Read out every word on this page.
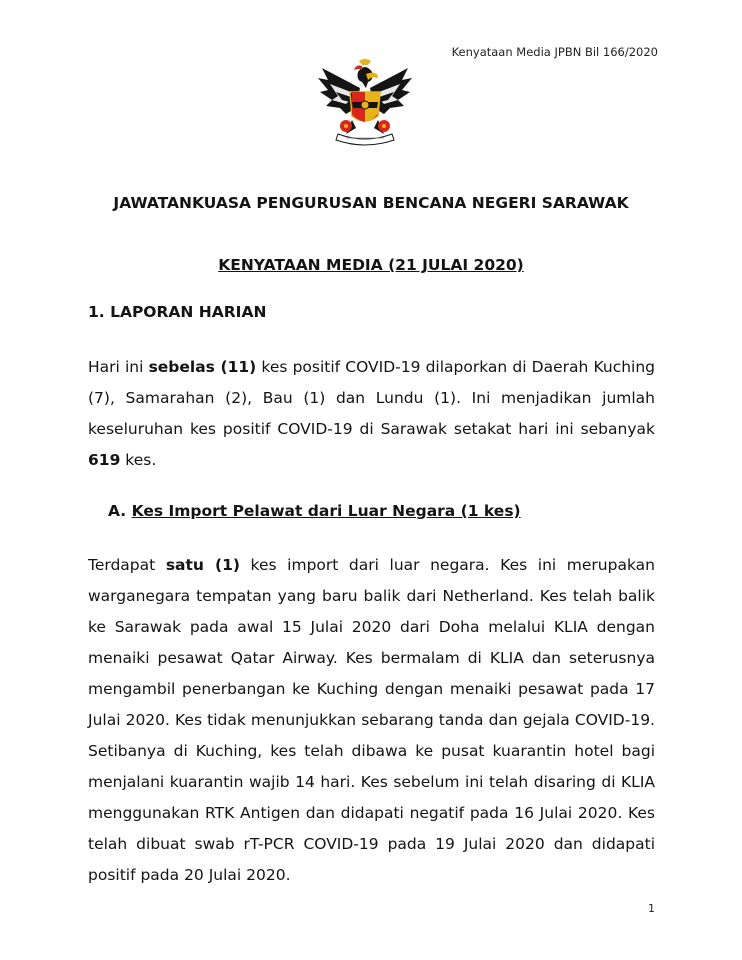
Kenyataan Media JPBN Bil 166/2020
JAWATANKUASA PENGURUSAN BENCANA NEGERI SARAWAK
KENYATAAN MEDIA (21 JULAI 2020)
1. LAPORAN HARIAN
Hari ini sebelas (11) kes positif COVID-19 dilaporkan di Daerah Kuching (7), Samarahan (2), Bau (1) dan Lundu (1). Ini menjadikan jumlah keseluruhan kes positif COVID-19 di Sarawak setakat hari ini sebanyak 619 kes.
A. Kes Import Pelawat dari Luar Negara (1 kes)
Terdapat satu (1) kes import dari luar negara. Kes ini merupakan warganegara tempatan yang baru balik dari Netherland. Kes telah balik ke Sarawak pada awal 15 Julai 2020 dari Doha melalui KLIA dengan menaiki pesawat Qatar Airway. Kes bermalam di KLIA dan seterusnya mengambil penerbangan ke Kuching dengan menaiki pesawat pada 17 Julai 2020. Kes tidak menunjukkan sebarang tanda dan gejala COVID-19. Setibanya di Kuching, kes telah dibawa ke pusat kuarantin hotel bagi menjalani kuarantin wajib 14 hari. Kes sebelum ini telah disaring di KLIA menggunakan RTK Antigen dan didapati negatif pada 16 Julai 2020. Kes telah dibuat swab rT-PCR COVID-19 pada 19 Julai 2020 dan didapati positif pada 20 Julai 2020.
1
